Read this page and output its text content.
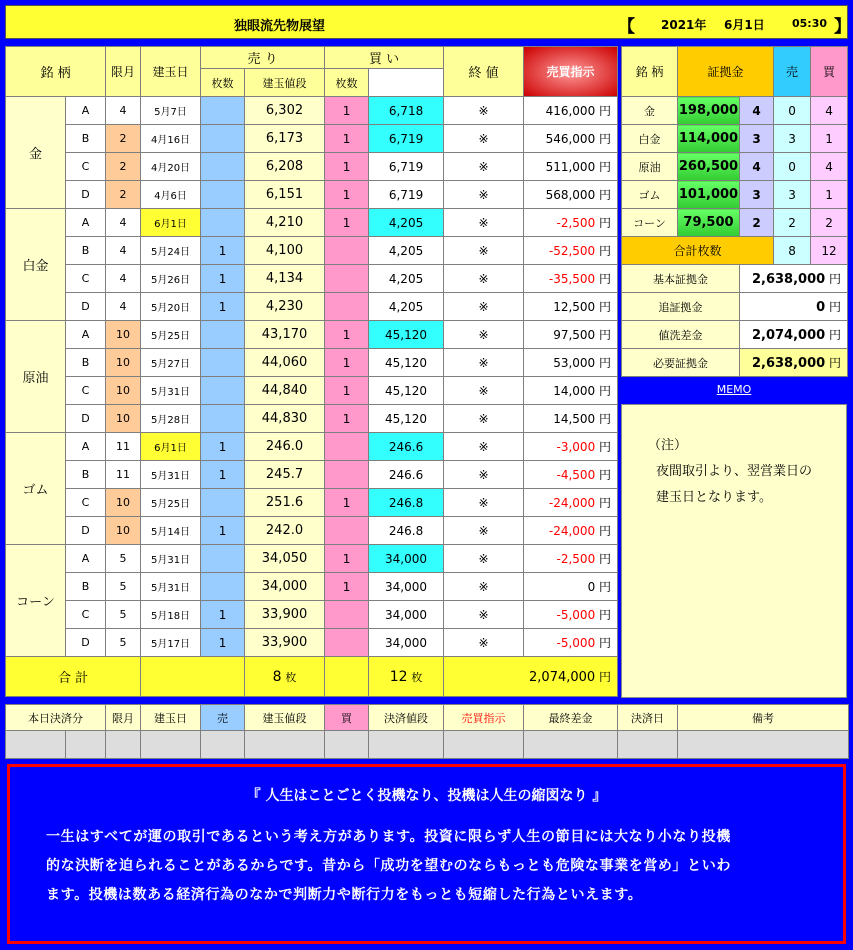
独眼流先物展望	【 2021年 6月1日 05:30 】
銘 柄		限月	建玉日	売 り		買 い		終 値	売買指示	
				枚数	建玉値段	枚数				
金	A	4	5月7日		6,302	1	6,718	※	416,000 円	
	B	2	4月16日		6,173	1	6,719	※	546,000 円	
	C	2	4月20日		6,208	1	6,719	※	511,000 円	
	D	2	4月6日		6,151	1	6,719	※	568,000 円	
白金	A	4	6月1日		4,210	1	4,205	※	-2,500 円	
	B	4	5月24日	1	4,100		4,205	※	-52,500 円	
	C	4	5月26日	1	4,134		4,205	※	-35,500 円	
	D	4	5月20日	1	4,230		4,205	※	12,500 円	
原油	A	10	5月25日		43,170	1	45,120	※	97,500 円	
	B	10	5月27日		44,060	1	45,120	※	53,000 円	
	C	10	5月31日		44,840	1	45,120	※	14,000 円	
	D	10	5月28日		44,830	1	45,120	※	14,500 円	
ゴム	A	11	6月1日	1	246.0		246.6	※	-3,000 円	
	B	11	5月31日	1	245.7		246.6	※	-4,500 円	
	C	10	5月25日		251.6	1	246.8	※	-24,000 円	
	D	10	5月14日	1	242.0		246.8	※	-24,000 円	
コーン	A	5	5月31日		34,050	1	34,000	※	-2,500 円	
	B	5	5月31日		34,000	1	34,000	※	0 円	
	C	5	5月18日	1	33,900		34,000	※	-5,000 円	
	D	5	5月17日	1	33,900		34,000	※	-5,000 円	
合 計					8 枚		12 枚	2,074,000 円		
銘 柄	証拠金		売	買
金	198,000	4	0	4
白金	114,000	3	3	1
原油	260,500	4	0	4
ゴム	101,000	3	3	1
コーン	79,500	2	2	2
合計枚数			8	12
基本証拠金		2,638,000 円		
追証拠金		0 円		
値洗差金		2,074,000 円		
必要証拠金		2,638,000 円		
MEMO
（注）
夜間取引より、翌営業日の
建玉日となります。
本日決済分		限月	建玉日	売	建玉値段	買	決済値段	売買指示	最終差金	決済日	備考

『 人生はことごとく投機なり、投機は人生の縮図なり 』
一生はすべてが運の取引であるという考え方があります。投資に限らず人生の節目には大なり小なり投機
的な決断を迫られることがあるからです。昔から「成功を望むのならもっとも危険な事業を営め」といわ
ます。投機は数ある経済行為のなかで判断力や断行力をもっとも短縮した行為といえます。
